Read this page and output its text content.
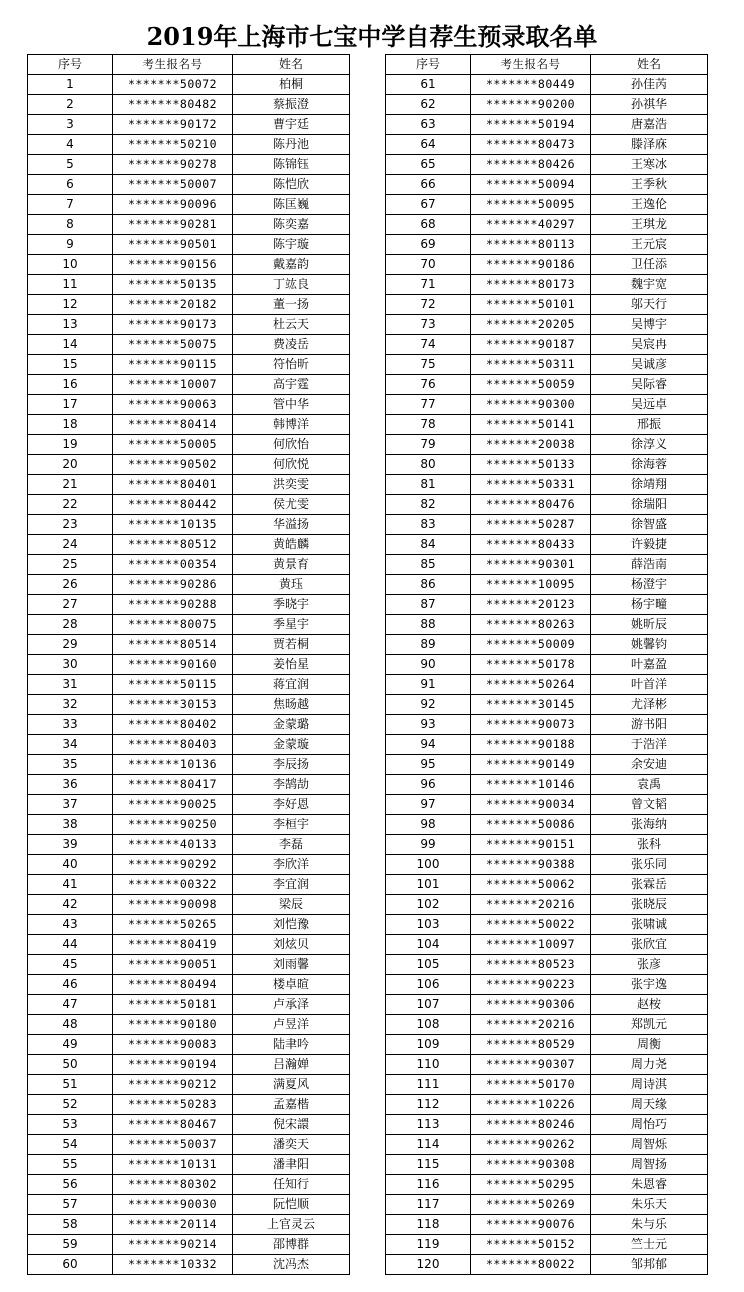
2019年上海市七宝中学自荐生预录取名单
序号	考生报名号	姓名
1	*******50072	柏桐
2	*******80482	蔡振澄
3	*******90172	曹宇廷
4	*******50210	陈丹池
5	*******90278	陈锦钰
6	*******50007	陈恺欣
7	*******90096	陈匡巍
8	*******90281	陈奕嘉
9	*******90501	陈宇璇
10	*******90156	戴嘉韵
11	*******50135	丁竑良
12	*******20182	董一扬
13	*******90173	杜云天
14	*******50075	费凌岳
15	*******90115	符怡昕
16	*******10007	高宇霆
17	*******90063	管中华
18	*******80414	韩博洋
19	*******50005	何欣怡
20	*******90502	何欣悦
21	*******80401	洪奕雯
22	*******80442	侯尤雯
23	*******10135	华溢扬
24	*******80512	黄皓麟
25	*******00354	黄景育
26	*******90286	黄珏
27	*******90288	季晓宇
28	*******80075	季星宇
29	*******80514	贾若桐
30	*******90160	姜怡星
31	*******50115	蒋宜润
32	*******30153	焦旸越
33	*******80402	金蒙璐
34	*******80403	金蒙璇
35	*******10136	李辰扬
36	*******80417	李鹄劼
37	*******90025	李好恩
38	*******90250	李桓宇
39	*******40133	李磊
40	*******90292	李欣洋
41	*******00322	李宜润
42	*******90098	梁辰
43	*******50265	刘恺豫
44	*******80419	刘炫贝
45	*******90051	刘雨馨
46	*******80494	楼卓暄
47	*******50181	卢承泽
48	*******90180	卢昱洋
49	*******90083	陆聿吟
50	*******90194	吕瀚婵
51	*******90212	满夏风
52	*******50283	孟嘉楷
53	*******80467	倪宋譞
54	*******50037	潘奕天
55	*******10131	潘聿阳
56	*******80302	任知行
57	*******90030	阮恺顺
58	*******20114	上官灵云
59	*******90214	邵博群
60	*******10332	沈冯杰
序号	考生报名号	姓名
61	*******80449	孙佳芮
62	*******90200	孙祺华
63	*******50194	唐嘉浩
64	*******80473	滕泽庥
65	*******80426	王寒冰
66	*******50094	王季秋
67	*******50095	王逸伦
68	*******40297	王琪龙
69	*******80113	王元宸
70	*******90186	卫任添
71	*******80173	魏宇宽
72	*******50101	邬天行
73	*******20205	吴博宇
74	*******90187	吴宸冉
75	*******50311	吴诚彦
76	*******50059	吴际睿
77	*******90300	吴远卓
78	*******50141	邢振
79	*******20038	徐淳义
80	*******50133	徐海蓉
81	*******50331	徐靖翔
82	*******80476	徐瑞阳
83	*******50287	徐智盛
84	*******80433	许毅捷
85	*******90301	薛浩南
86	*******10095	杨澄宇
87	*******20123	杨宇疃
88	*******80263	姚昕辰
89	*******50009	姚馨钧
90	*******50178	叶嘉盈
91	*******50264	叶首洋
92	*******30145	尤泽彬
93	*******90073	游书阳
94	*******90188	于浩洋
95	*******90149	余安迪
96	*******10146	袁禹
97	*******90034	曾文韬
98	*******50086	张海纳
99	*******90151	张科
100	*******90388	张乐同
101	*******50062	张霖岳
102	*******20216	张晓辰
103	*******50022	张啸诚
104	*******10097	张欣宜
105	*******80523	张彦
106	*******90223	张宇逸
107	*******90306	赵桉
108	*******20216	郑凯元
109	*******80529	周衡
110	*******90307	周力尧
111	*******50170	周诗淇
112	*******10226	周天缘
113	*******80246	周怡巧
114	*******90262	周智烁
115	*******90308	周智扬
116	*******50295	朱恩睿
117	*******50269	朱乐天
118	*******90076	朱与乐
119	*******50152	竺士元
120	*******80022	邹邦郁
